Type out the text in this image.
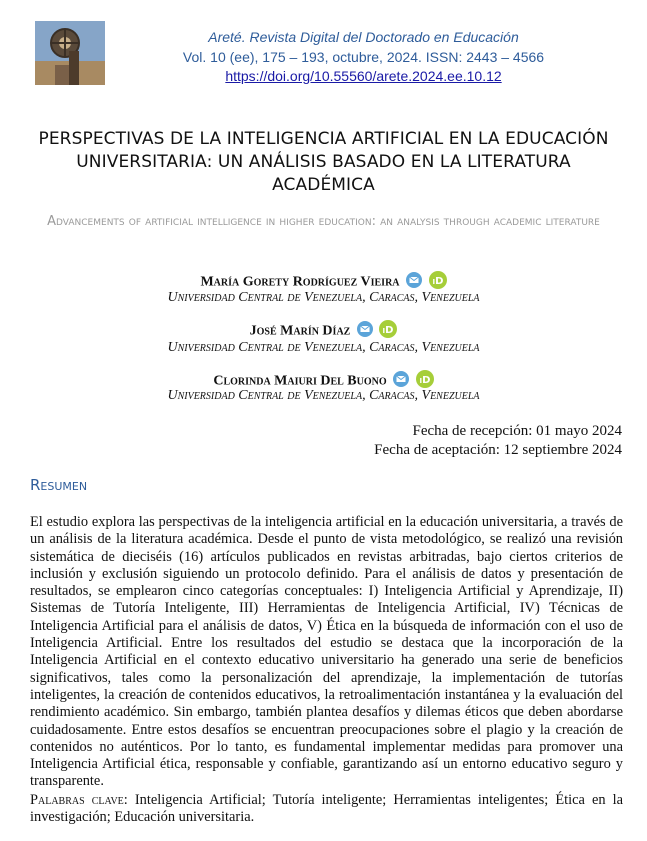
Areté. Revista Digital del Doctorado en Educación
Vol. 10 (ee), 175 – 193, octubre, 2024. ISSN: 2443 – 4566
https://doi.org/10.55560/arete.2024.ee.10.12
PERSPECTIVAS DE LA INTELIGENCIA ARTIFICIAL EN LA EDUCACIÓN UNIVERSITARIA: UN ANÁLISIS BASADO EN LA LITERATURA ACADÉMICA
Advancements of artificial intelligence in higher education: an analysis through academic literature
María Gorety Rodríguez Vieira	iD
Universidad Central de Venezuela, Caracas, Venezuela
José Marín Díaz	iD
Universidad Central de Venezuela, Caracas, Venezuela
Clorinda Maiuri Del Buono	iD
Universidad Central de Venezuela, Caracas, Venezuela
Fecha de recepción: 01 mayo 2024
Fecha de aceptación: 12 septiembre 2024
Resumen
El estudio explora las perspectivas de la inteligencia artificial en la educación universitaria, a través de un análisis de la literatura académica. Desde el punto de vista metodológico, se realizó una revisión sistemática de dieciséis (16) artículos publicados en revistas arbitradas, bajo ciertos criterios de inclusión y exclusión siguiendo un protocolo definido. Para el análisis de datos y presentación de resultados, se emplearon cinco categorías conceptuales: I) Inteligencia Artificial y Aprendizaje, II) Sistemas de Tutoría Inteligente, III) Herramientas de Inteligencia Artificial, IV) Técnicas de Inteligencia Artificial para el análisis de datos, V) Ética en la búsqueda de información con el uso de Inteligencia Artificial. Entre los resultados del estudio se destaca que la incorporación de la Inteligencia Artificial en el contexto educativo universitario ha generado una serie de beneficios significativos, tales como la personalización del aprendizaje, la implementación de tutorías inteligentes, la creación de contenidos educativos, la retroalimentación instantánea y la evaluación del rendimiento académico. Sin embargo, también plantea desafíos y dilemas éticos que deben abordarse cuidadosamente. Entre estos desafíos se encuentran preocupaciones sobre el plagio y la creación de contenidos no auténticos. Por lo tanto, es fundamental implementar medidas para promover una Inteligencia Artificial ética, responsable y confiable, garantizando así un entorno educativo seguro y transparente.
Palabras clave: Inteligencia Artificial; Tutoría inteligente; Herramientas inteligentes; Ética en la investigación; Educación universitaria.
